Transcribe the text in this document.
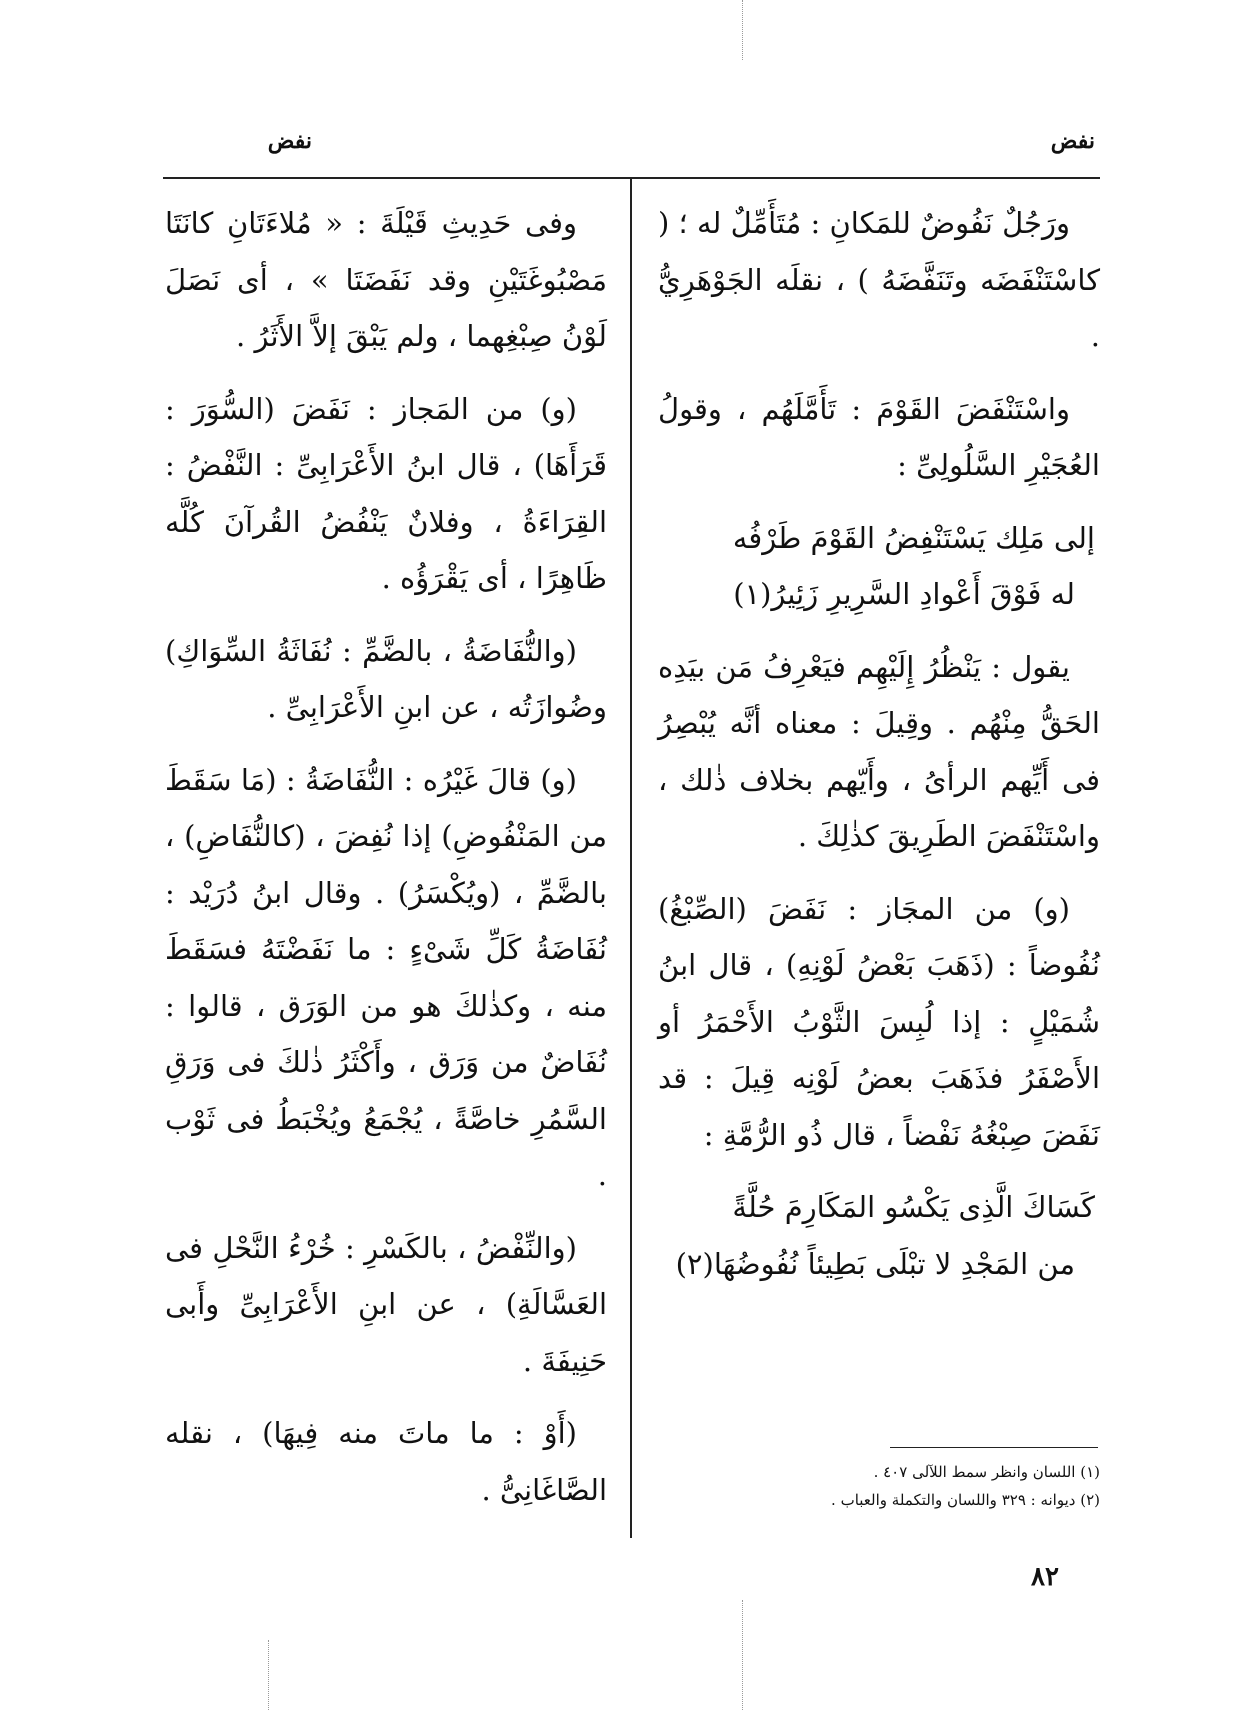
نفض
نفض

ورَجُلٌ نَفُوضٌ للمَكانِ : مُتَأَمِّلٌ له ؛ ( كاسْتَنْفَضَه وتَنَفَّضَهُ ) ، نقلَه الجَوْهَرِيُّ .

واسْتَنْفَضَ القَوْمَ : تَأَمَّلَهُم ، وقولُ العُجَيْرِ السَّلُولِىِّ :

إلى مَلِك يَسْتَنْفِضُ القَوْمَ طَرْفُه
له فَوْقَ أَعْوادِ السَّرِيرِ زَئِيرُ(١)

يقول : يَنْظُرُ إِلَيْهِم فيَعْرِفُ مَن بيَدِه الحَقُّ مِنْهُم . وقِيلَ : معناه أنَّه يُبْصِرُ فى أَيِّهم الرأىُ ، وأَيّهم بخلاف ذٰلك ، واسْتَنْفَضَ الطَرِيقَ كذٰلِكَ .

(و) من المجَاز : نَفَضَ (الصِّبْغُ) نُفُوضاً : (ذَهَبَ بَعْضُ لَوْنِهِ) ، قال ابنُ شُمَيْلٍ : إذا لُبِسَ الثَّوْبُ الأَحْمَرُ أو الأَصْفَرُ فذَهَبَ بعضُ لَوْنِه قِيلَ : قد نَفَضَ صِبْغُهُ نَفْضاً ، قال ذُو الرُّمَّةِ :

كَسَاكَ الَّذِى يَكْسُو المَكَارِمَ حُلَّةً
من المَجْدِ لا تبْلَى بَطِيئاً نُفُوضُهَا(٢)

وفى حَدِيثِ قَيْلَةَ : « مُلاءَتَانِ كانَتَا مَصْبُوغَتَيْنِ وقد نَفَضَتَا » ، أى نَصَلَ لَوْنُ صِبْغِهما ، ولم يَبْقَ إلاَّ الأَثَرُ .

(و) من المَجاز : نَفَضَ (السُّوَرَ : قَرَأَهَا) ، قال ابنُ الأَعْرَابِىِّ : النَّفْضُ : القِرَاءَةُ ، وفلانٌ يَنْفُضُ القُرآنَ كُلَّه ظَاهِرًا ، أى يَقْرَؤُه .

(والنُّفَاضَةُ ، بالضَّمِّ : نُفَاثَةُ السِّوَاكِ) وضُوازَتُه ، عن ابنِ الأَعْرَابِىِّ .

(و) قالَ غَيْرُه : النُّفَاضَةُ : (مَا سَقَطَ من المَنْفُوضِ) إذا نُفِضَ ، (كالنُّفَاضِ) ، بالضَّمِّ ، (ويُكْسَرُ) . وقال ابنُ دُرَيْد : نُفَاضَةُ كَلِّ شَىْءٍ : ما نَفَضْتَهُ فسَقَطَ منه ، وكذٰلكَ هو من الوَرَق ، قالوا : نُفَاضٌ من وَرَق ، وأَكْثَرُ ذٰلكَ فى وَرَقِ السَّمُرِ خاصَّةً ، يُجْمَعُ ويُخْبَطُ فى ثَوْب .

(والنِّفْضُ ، بالكَسْرِ : خُرْءُ النَّحْلِ فى العَسَّالَةِ) ، عن ابنِ الأَعْرَابِىِّ وأَبى حَنِيفَةَ .

(أَوْ : ما ماتَ منه فِيهَا) ، نقله الصَّاغَانِىُّ .

(١) اللسان وانظر سمط اللآلى ٤٠٧ .
(٢) ديوانه : ٣٢٩ واللسان والتكملة والعباب .
٨٢
